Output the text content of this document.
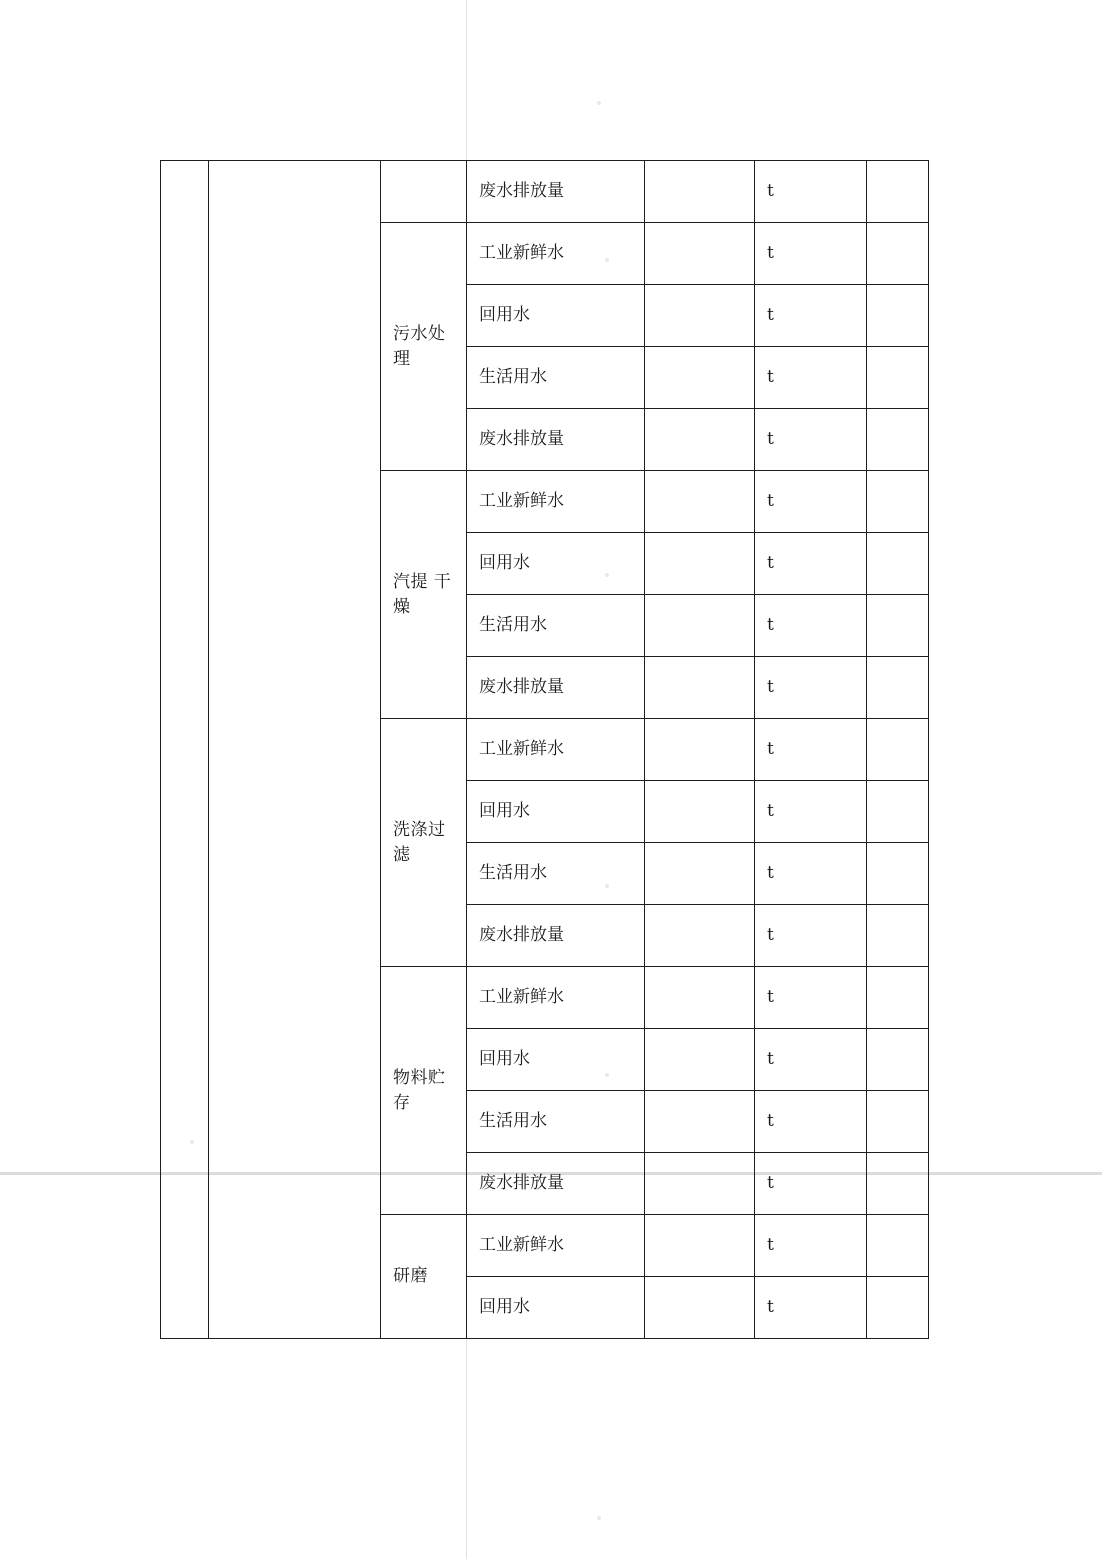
			废水排放量		t	

		污水处理	工业新鲜水		t	
			回用水		t	
			生活用水		t	
			废水排放量		t	

		汽提 干燥	工业新鲜水		t	
			回用水		t	
			生活用水		t	
			废水排放量		t	

		洗涤过滤	工业新鲜水		t	
			回用水		t	
			生活用水		t	
			废水排放量		t	

		物料贮存	工业新鲜水		t	
			回用水		t	
			生活用水		t	
			废水排放量		t	

		研磨	工业新鲜水		t	
			回用水		t	
